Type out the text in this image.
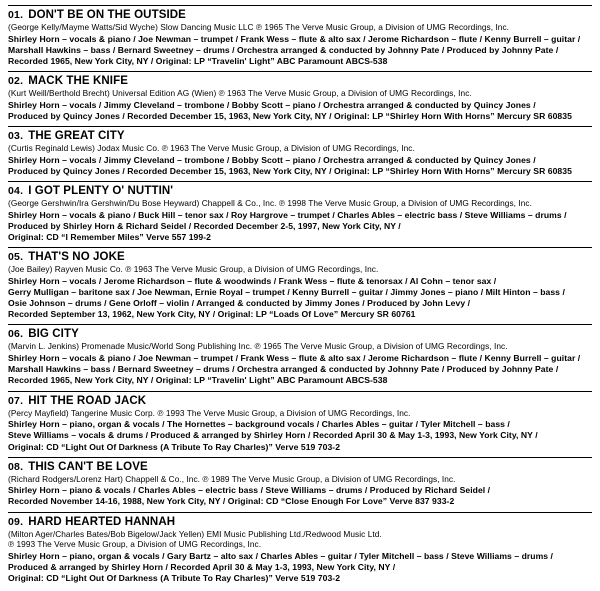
01. DON'T BE ON THE OUTSIDE

(George Kelly/Mayme Watts/Sid Wyche) Slow Dancing Music LLC ℗ 1965 The Verve Music Group, a Division of UMG Recordings, Inc.

Shirley Horn – vocals & piano / Joe Newman – trumpet / Frank Wess – flute & alto sax / Jerome Richardson – flute / Kenny Burrell – guitar /

Marshall Hawkins – bass / Bernard Sweetney – drums / Orchestra arranged & conducted by Johnny Pate / Produced by Johnny Pate /

Recorded 1965, New York City, NY / Original: LP “Travelin' Light” ABC Paramount ABCS-538

02. MACK THE KNIFE

(Kurt Weill/Berthold Brecht) Universal Edition AG (Wien) ℗ 1963 The Verve Music Group, a Division of UMG Recordings, Inc.

Shirley Horn – vocals / Jimmy Cleveland – trombone / Bobby Scott – piano / Orchestra arranged & conducted by Quincy Jones /

Produced by Quincy Jones / Recorded December 15, 1963, New York City, NY / Original: LP “Shirley Horn With Horns” Mercury SR 60835

03. THE GREAT CITY

(Curtis Reginald Lewis) Jodax Music Co. ℗ 1963 The Verve Music Group, a Division of UMG Recordings, Inc.

Shirley Horn – vocals / Jimmy Cleveland – trombone / Bobby Scott – piano / Orchestra arranged & conducted by Quincy Jones /

Produced by Quincy Jones / Recorded December 15, 1963, New York City, NY / Original: LP “Shirley Horn With Horns” Mercury SR 60835

04. I GOT PLENTY O' NUTTIN'

(George Gershwin/Ira Gershwin/Du Bose Heyward) Chappell & Co., Inc. ℗ 1998 The Verve Music Group, a Division of UMG Recordings, Inc.

Shirley Horn – vocals & piano / Buck Hill – tenor sax / Roy Hargrove – trumpet / Charles Ables – electric bass / Steve Williams – drums /

Produced by Shirley Horn & Richard Seidel / Recorded December 2-5, 1997, New York City, NY /

Original: CD “I Remember Miles” Verve 557 199-2

05. THAT'S NO JOKE

(Joe Bailey) Rayven Music Co. ℗ 1963 The Verve Music Group, a Division of UMG Recordings, Inc.

Shirley Horn – vocals / Jerome Richardson – flute & woodwinds / Frank Wess – flute & tenorsax / Al Cohn – tenor sax /

Gerry Mulligan – baritone sax / Joe Newman, Ernie Royal – trumpet / Kenny Burrell – guitar / Jimmy Jones – piano / Milt Hinton – bass /

Osie Johnson – drums / Gene Orloff – violin / Arranged & conducted by Jimmy Jones / Produced by John Levy /

Recorded September 13, 1962, New York City, NY / Original: LP “Loads Of Love” Mercury SR 60761

06. BIG CITY

(Marvin L. Jenkins) Promenade Music/World Song Publishing Inc. ℗ 1965 The Verve Music Group, a Division of UMG Recordings, Inc.

Shirley Horn – vocals & piano / Joe Newman – trumpet / Frank Wess – flute & alto sax / Jerome Richardson – flute / Kenny Burrell – guitar /

Marshall Hawkins – bass / Bernard Sweetney – drums / Orchestra arranged & conducted by Johnny Pate / Produced by Johnny Pate /

Recorded 1965, New York City, NY / Original: LP “Travelin' Light” ABC Paramount ABCS-538

07. HIT THE ROAD JACK

(Percy Mayfield) Tangerine Music Corp. ℗ 1993 The Verve Music Group, a Division of UMG Recordings, Inc.

Shirley Horn – piano, organ & vocals / The Hornettes – background vocals / Charles Ables – guitar / Tyler Mitchell – bass /

Steve Williams – vocals & drums / Produced & arranged by Shirley Horn / Recorded April 30 & May 1-3, 1993, New York City, NY /

Original: CD “Light Out Of Darkness (A Tribute To Ray Charles)” Verve 519 703-2

08. THIS CAN'T BE LOVE

(Richard Rodgers/Lorenz Hart) Chappell & Co., Inc. ℗ 1989 The Verve Music Group, a Division of UMG Recordings, Inc.

Shirley Horn – piano & vocals / Charles Ables – electric bass / Steve Williams – drums / Produced by Richard Seidel /

Recorded November 14-16, 1988, New York City, NY / Original: CD “Close Enough For Love” Verve 837 933-2

09. HARD HEARTED HANNAH

(Milton Ager/Charles Bates/Bob Bigelow/Jack Yellen) EMI Music Publishing Ltd./Redwood Music Ltd.

℗ 1993 The Verve Music Group, a Division of UMG Recordings, Inc.

Shirley Horn – piano, organ & vocals / Gary Bartz – alto sax / Charles Ables – guitar / Tyler Mitchell – bass / Steve Williams – drums /

Produced & arranged by Shirley Horn / Recorded April 30 & May 1-3, 1993, New York City, NY /

Original: CD “Light Out Of Darkness (A Tribute To Ray Charles)” Verve 519 703-2
